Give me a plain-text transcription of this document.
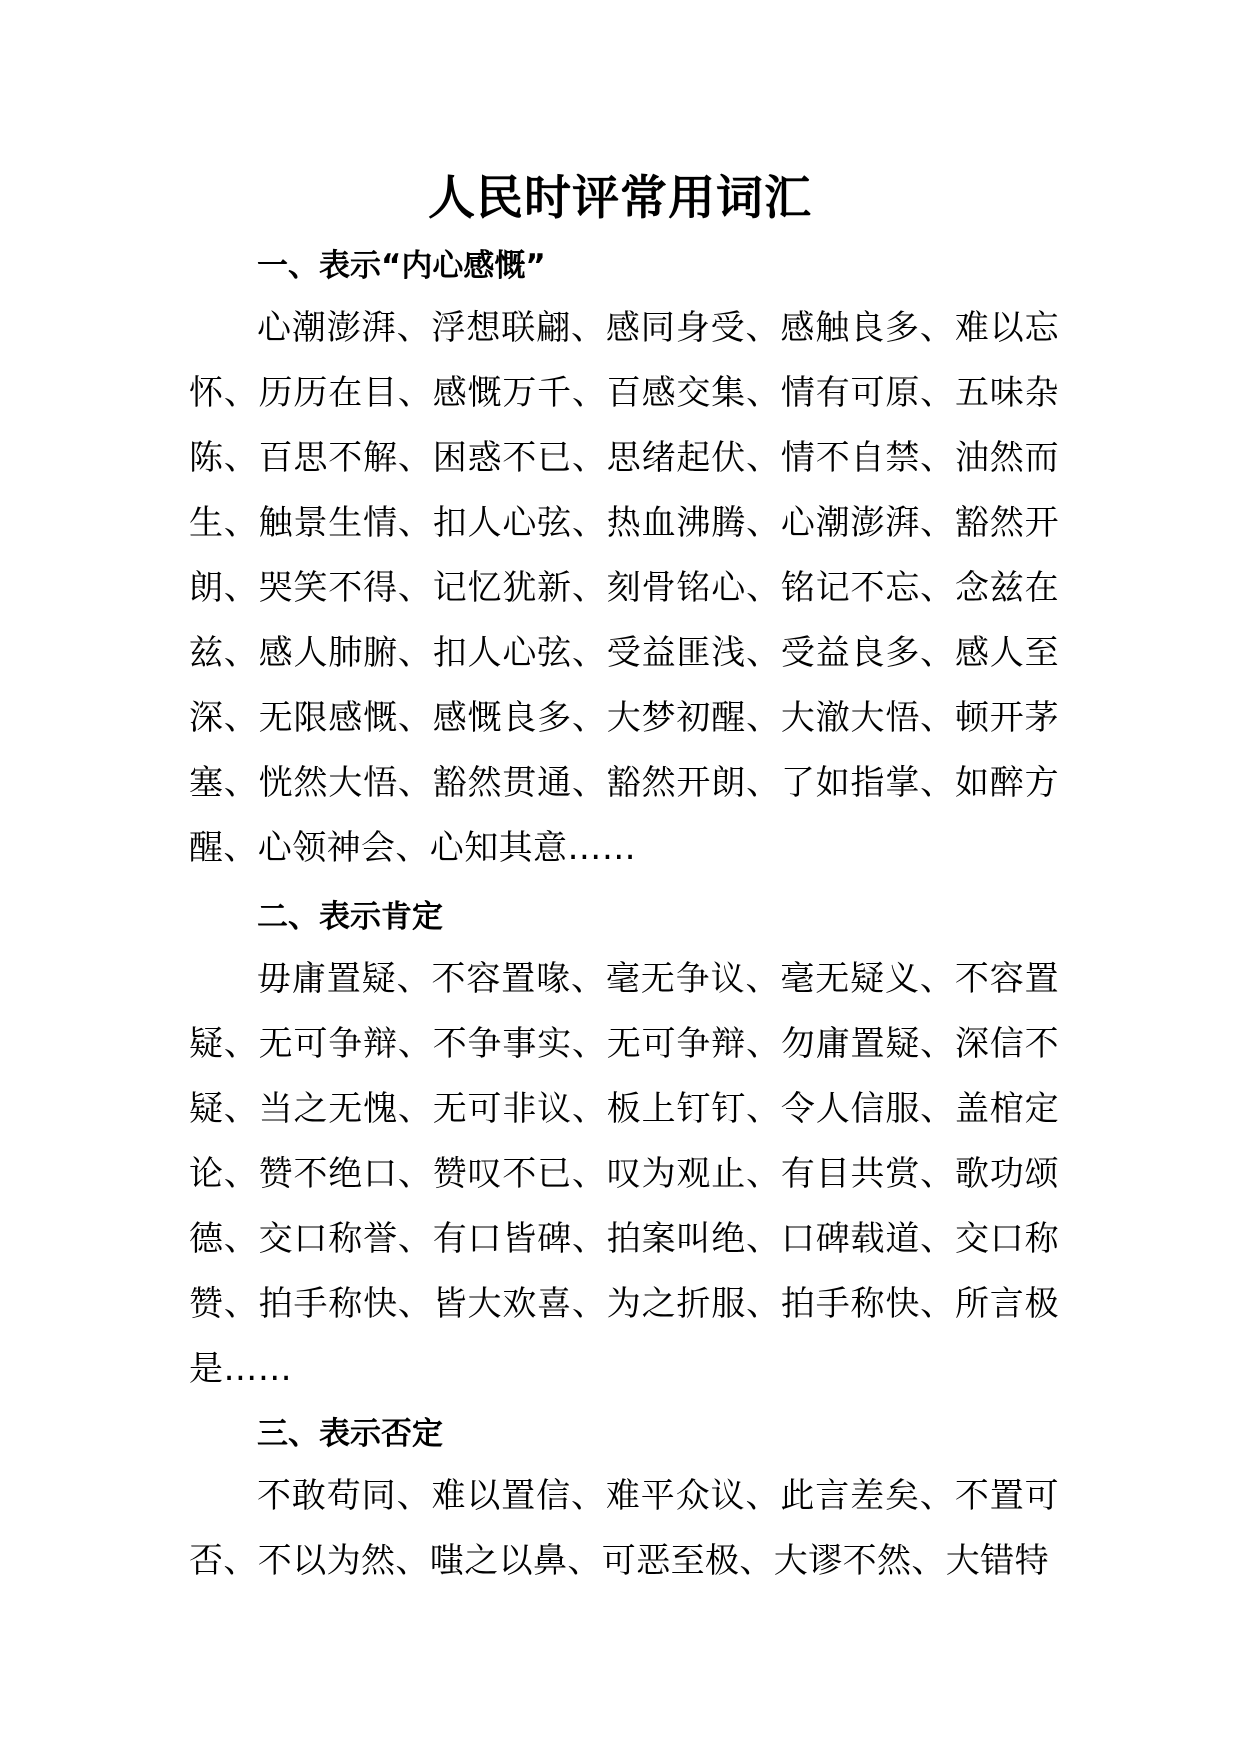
人民时评常用词汇
一、表示“内心感慨”

心潮澎湃、浮想联翩、感同身受、感触良多、难以忘怀、历历在目、感慨万千、百感交集、情有可原、五味杂陈、百思不解、困惑不已、思绪起伏、情不自禁、油然而生、触景生情、扣人心弦、热血沸腾、心潮澎湃、豁然开朗、哭笑不得、记忆犹新、刻骨铭心、铭记不忘、念兹在兹、感人肺腑、扣人心弦、受益匪浅、受益良多、感人至深、无限感慨、感慨良多、大梦初醒、大澈大悟、顿开茅塞、恍然大悟、豁然贯通、豁然开朗、了如指掌、如醉方醒、心领神会、心知其意……

二、表示肯定

毋庸置疑、不容置喙、毫无争议、毫无疑义、不容置疑、无可争辩、不争事实、无可争辩、勿庸置疑、深信不疑、当之无愧、无可非议、板上钉钉、令人信服、盖棺定论、赞不绝口、赞叹不已、叹为观止、有目共赏、歌功颂德、交口称誉、有口皆碑、拍案叫绝、口碑载道、交口称赞、拍手称快、皆大欢喜、为之折服、拍手称快、所言极是……

三、表示否定

不敢苟同、难以置信、难平众议、此言差矣、不置可否、不以为然、嗤之以鼻、可恶至极、大谬不然、大错特
